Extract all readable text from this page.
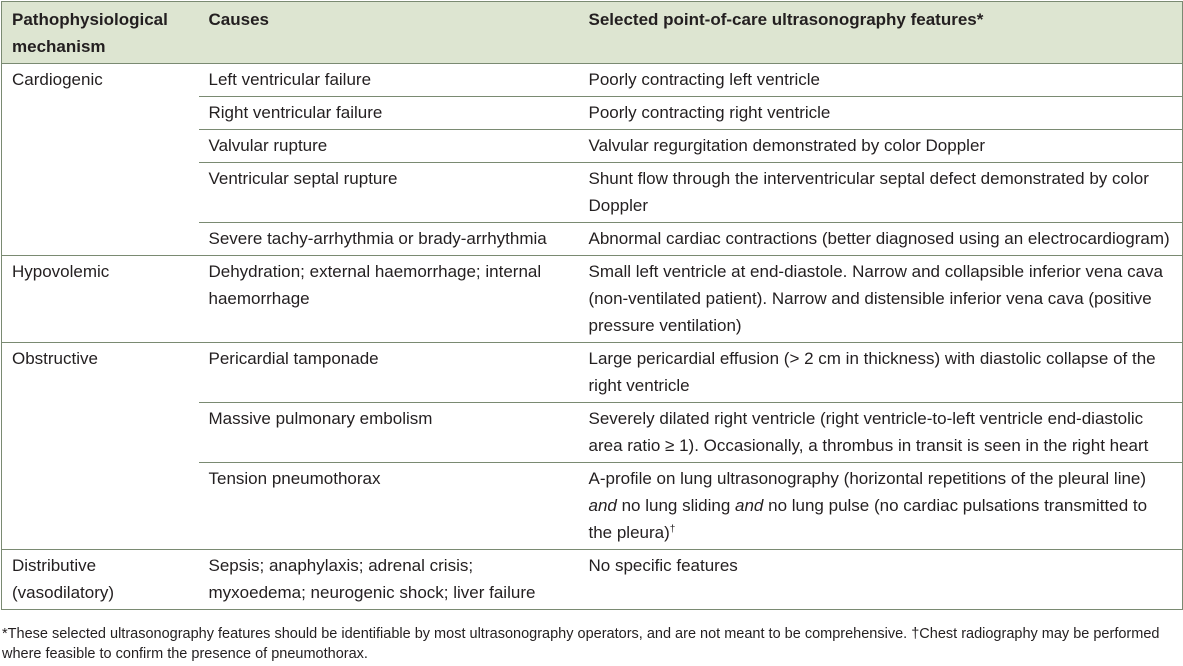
Pathophysiological mechanism	Causes	Selected point-of-care ultrasonography features*

Cardiogenic	Left ventricular failure	Poorly contracting left ventricle

	Right ventricular failure	Poorly contracting right ventricle

	Valvular rupture	Valvular regurgitation demonstrated by color Doppler

	Ventricular septal rupture	Shunt flow through the interventricular septal defect demonstrated by color Doppler

	Severe tachy-arrhythmia or brady-arrhythmia	Abnormal cardiac contractions (better diagnosed using an electrocardiogram)

Hypovolemic	Dehydration; external haemorrhage; internal haemorrhage	Small left ventricle at end-diastole. Narrow and collapsible inferior vena cava (non-ventilated patient). Narrow and distensible inferior vena cava (positive pressure ventilation)

Obstructive	Pericardial tamponade	Large pericardial effusion (> 2 cm in thickness) with diastolic collapse of the right ventricle

	Massive pulmonary embolism	Severely dilated right ventricle (right ventricle-to-left ventricle end-diastolic area ratio ≥ 1). Occasionally, a thrombus in transit is seen in the right heart

	Tension pneumothorax	A-profile on lung ultrasonography (horizontal repetitions of the pleural line) and no lung sliding and no lung pulse (no cardiac pulsations transmitted to the pleura)†

Distributive (vasodilatory)	Sepsis; anaphylaxis; adrenal crisis; myxoedema; neurogenic shock; liver failure	No specific features
*These selected ultrasonography features should be identifiable by most ultrasonography operators, and are not meant to be comprehensive. †Chest radiography may be performed where feasible to confirm the presence of pneumothorax.
